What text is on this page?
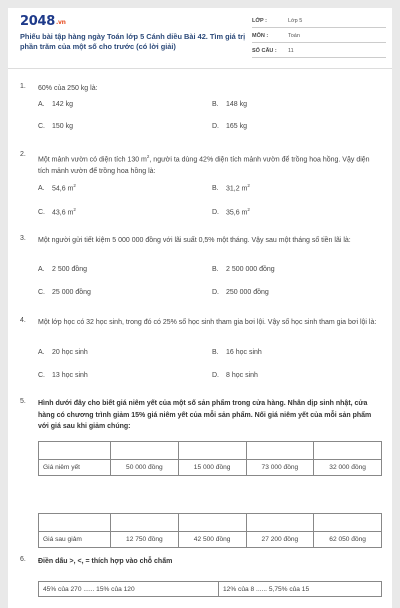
2048.vn
Phiếu bài tập hàng ngày Toán lớp 5 Cánh diều Bài 42. Tìm giá trị phần trăm của một số cho trước (có lời giải)
LỚP :	Lớp 5
MÔN :	Toán
SỐ CÂU : 11
1. 60% của 250 kg là:
A. 142 kg	B. 148 kg
C. 150 kg	D. 165 kg
2.
Một mảnh vườn có diện tích 130 $m^2$, người ta dùng 42% diện tích mảnh vườn để trồng hoa hồng. Vậy diện tích mảnh vườn để trồng hoa hồng là:
A. 54,6 $m^2$	B. 31,2 $m^2$
C. 43,6 $m^2$	D. 35,6 $m^2$
3. Một người gửi tiết kiệm 5 000 000 đồng với lãi suất 0,5% một tháng. Vậy sau một tháng số tiền lãi là:
A. 2 500 đồng	B. 2 500 000 đồng
C. 25 000 đồng	D. 250 000 đồng
4. Một lớp học có 32 học sinh, trong đó có 25% số học sinh tham gia bơi lội. Vậy số học sinh tham gia bơi lội là:
A. 20 học sinh	B. 16 học sinh
C. 13 học sinh	D. 8 học sinh
5. Hình dưới đây cho biết giá niêm yết của một số sản phẩm trong cửa hàng. Nhân dịp sinh nhật, cửa hàng có chương trình giảm 15% giá niêm yết của mỗi sản phẩm. Nối giá niêm yết của mỗi sản phẩm với giá sau khi giảm chúng:

Giá niêm yết	50 000 đồng	15 000 đồng	73 000 đồng	32 000 đồng

Giá sau giảm	12 750 đồng	42 500 đồng	27 200 đồng	62 050 đồng
6. Điền dấu >, <, = thích hợp vào chỗ chấm
45% của 270 ...... 15% của 120	12% của 8 ...... 5,75% của 15
